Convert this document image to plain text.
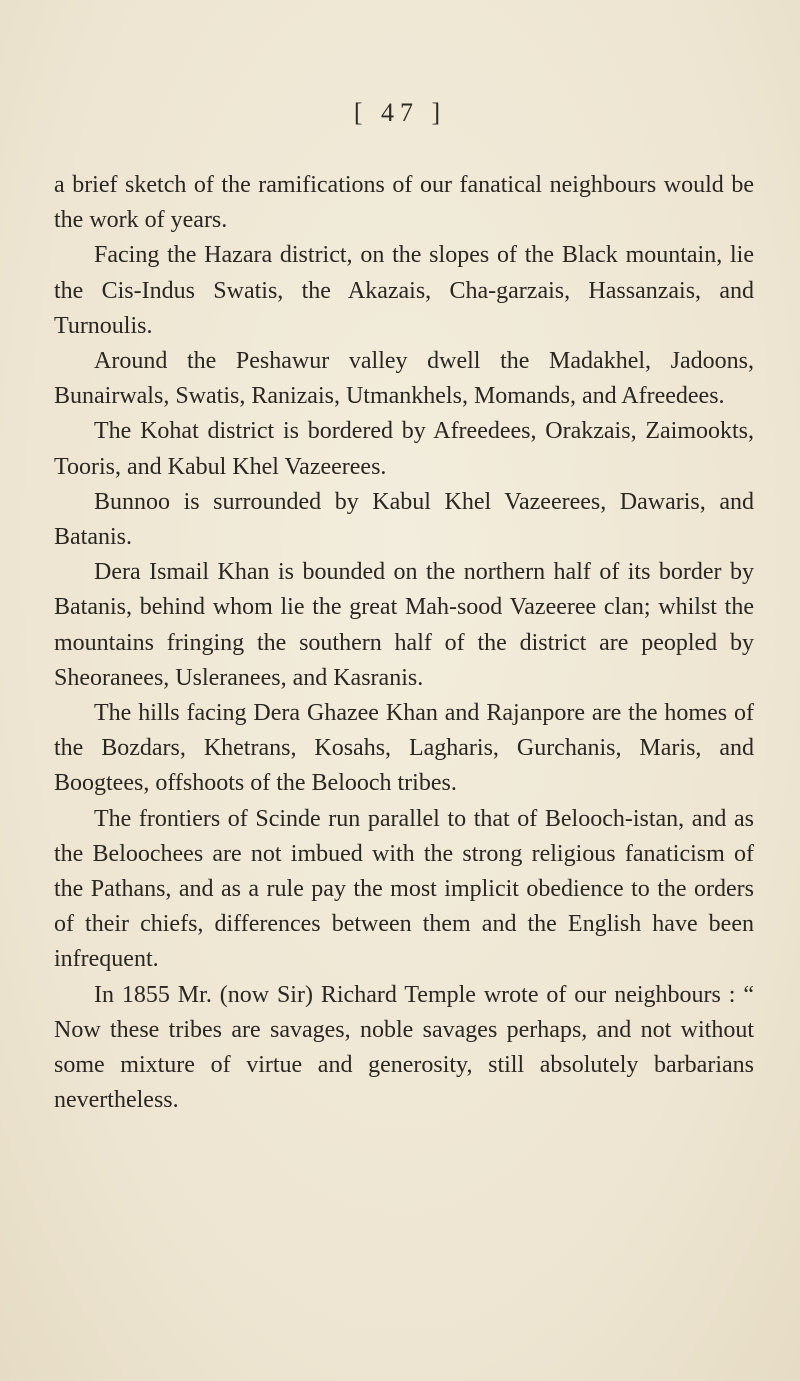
[ 47 ]

a brief sketch of the ramifications of our fanatical neighbours would be the work of years.

Facing the Hazara district, on the slopes of the Black mountain, lie the Cis-Indus Swatis, the Akazais, Cha-garzais, Hassanzais, and Turnoulis.

Around the Peshawur valley dwell the Madakhel, Jadoons, Bunairwals, Swatis, Ranizais, Utmankhels, Momands, and Afreedees.

The Kohat district is bordered by Afreedees, Orakzais, Zaimookts, Tooris, and Kabul Khel Vazeerees.

Bunnoo is surrounded by Kabul Khel Vazeerees, Dawaris, and Batanis.

Dera Ismail Khan is bounded on the northern half of its border by Batanis, behind whom lie the great Mah-sood Vazeeree clan; whilst the mountains fringing the southern half of the district are peopled by Sheoranees, Usleranees, and Kasranis.

The hills facing Dera Ghazee Khan and Rajanpore are the homes of the Bozdars, Khetrans, Kosahs, Lagharis, Gurchanis, Maris, and Boogtees, offshoots of the Belooch tribes.

The frontiers of Scinde run parallel to that of Belooch-istan, and as the Beloochees are not imbued with the strong religious fanaticism of the Pathans, and as a rule pay the most implicit obedience to the orders of their chiefs, differences between them and the English have been infrequent.

In 1855 Mr. (now Sir) Richard Temple wrote of our neighbours : “ Now these tribes are savages, noble savages perhaps, and not without some mixture of virtue and generosity, still absolutely barbarians nevertheless.
